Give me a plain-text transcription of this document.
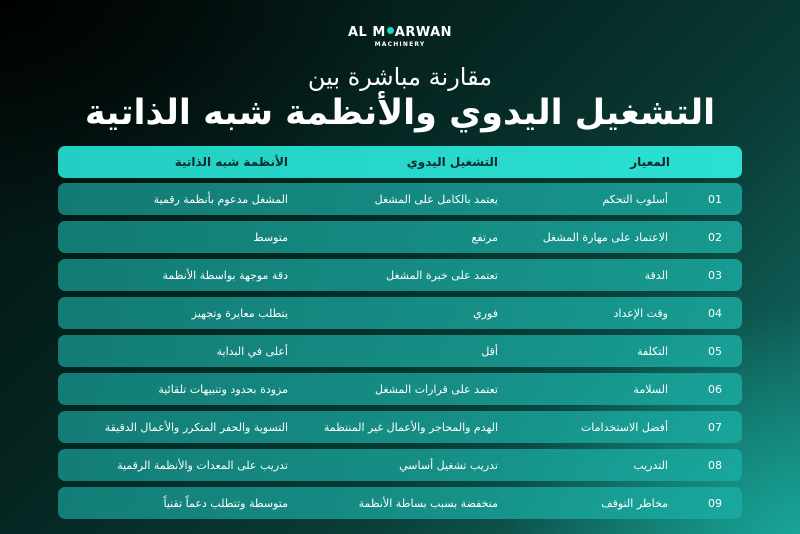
AL M ARWAN
MACHINERY
مقارنة مباشرة بين
التشغيل اليدوي والأنظمة شبه الذاتية
المعيار
التشغيل اليدوي
الأنظمة شبه الذاتية
01
أسلوب التحكم
يعتمد بالكامل على المشغل
المشغل مدعوم بأنظمة رقمية
02
الاعتماد على مهارة المشغل
مرتفع
متوسط
03
الدقة
تعتمد على خبرة المشغل
دقة موجهة بواسطة الأنظمة
04
وقت الإعداد
فوري
يتطلب معايرة وتجهيز
05
التكلفة
أقل
أعلى في البداية
06
السلامة
تعتمد على قرارات المشغل
مزودة بحدود وتنبيهات تلقائية
07
أفضل الاستخدامات
الهدم والمحاجر والأعمال غير المنتظمة
التسوية والحفر المتكرر والأعمال الدقيقة
08
التدريب
تدريب تشغيل أساسي
تدريب على المعدات والأنظمة الرقمية
09
مخاطر التوقف
منخفضة بسبب بساطة الأنظمة
متوسطة وتتطلب دعماً تقنياً
